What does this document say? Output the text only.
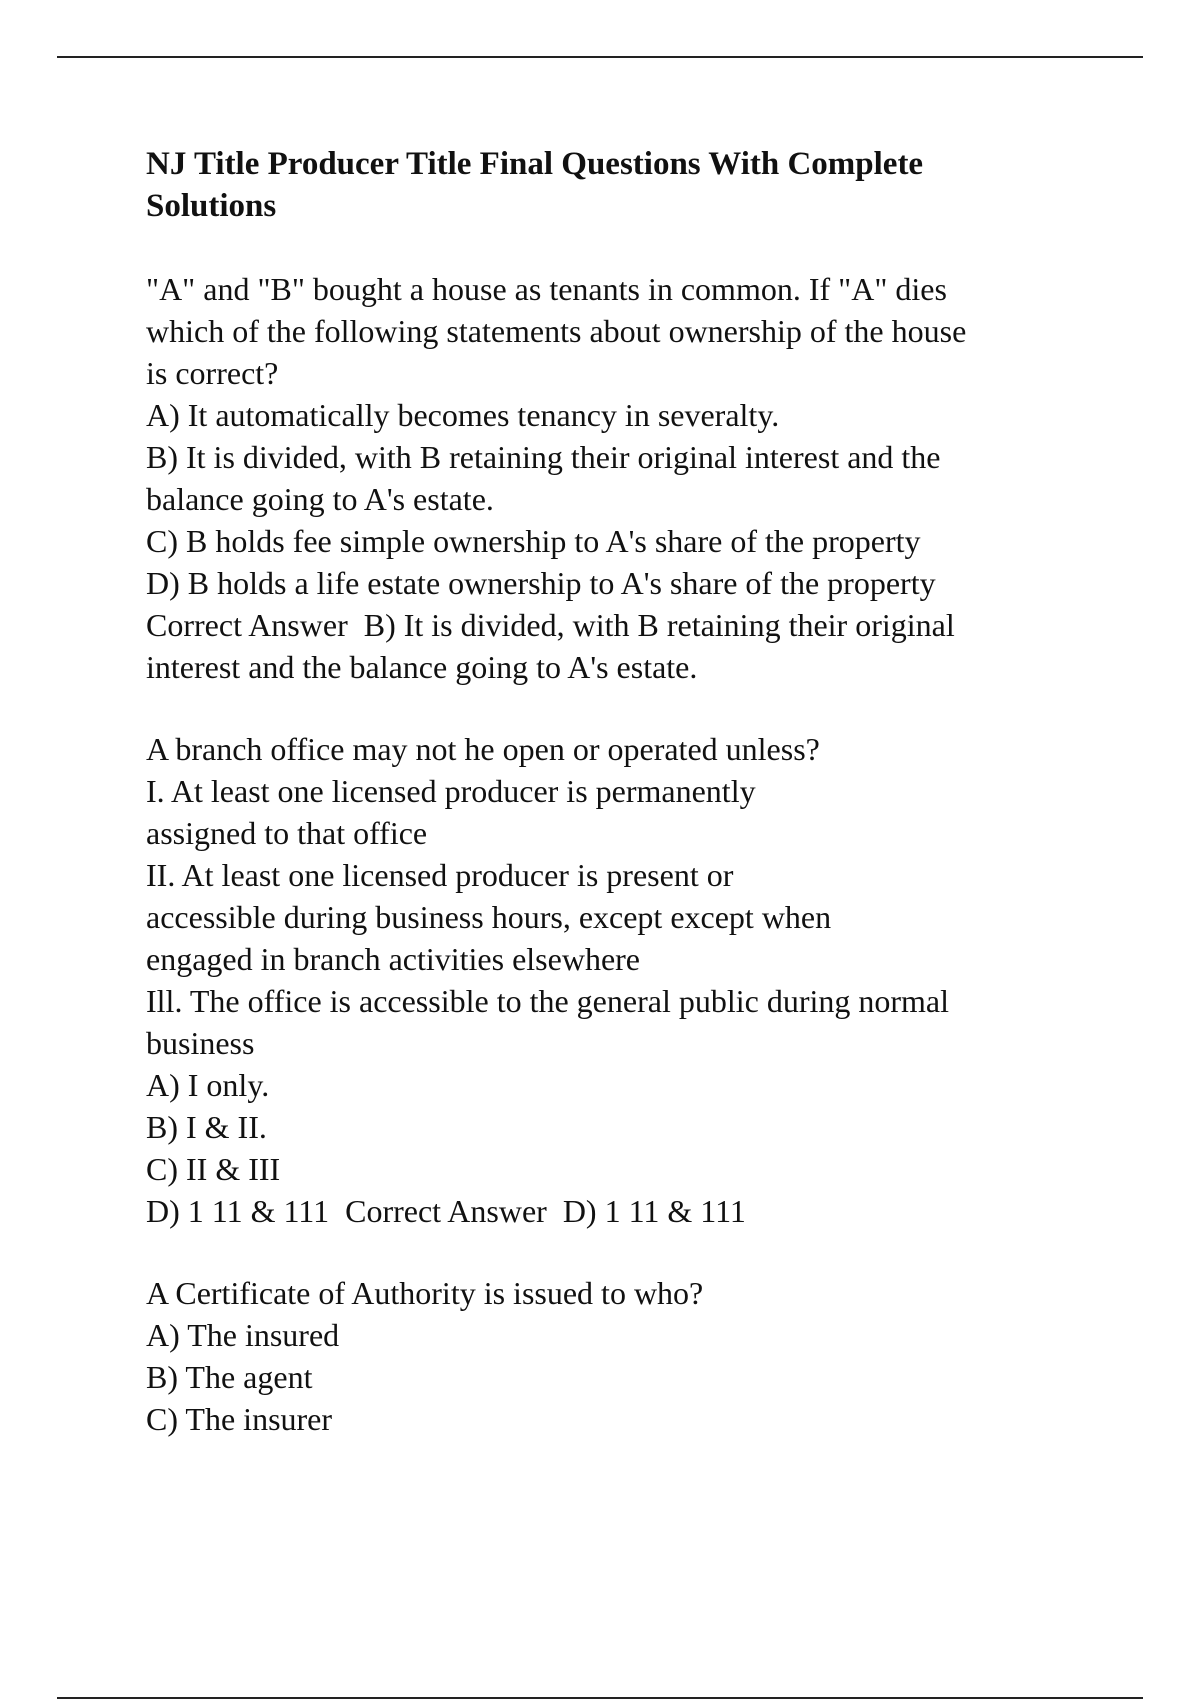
NJ Title Producer Title Final Questions With Complete
Solutions

"A" and "B" bought a house as tenants in common. If "A" dies

which of the following statements about ownership of the house

is correct?

A) It automatically becomes tenancy in severalty.

B) It is divided, with B retaining their original interest and the

balance going to A's estate.

C) B holds fee simple ownership to A's share of the property

D) B holds a life estate ownership to A's share of the property

Correct Answer  B) It is divided, with B retaining their original

interest and the balance going to A's estate.

A branch office may not he open or operated unless?

I. At least one licensed producer is permanently

assigned to that office

II. At least one licensed producer is present or

accessible during business hours, except except when

engaged in branch activities elsewhere

Ill. The office is accessible to the general public during normal

business

A) I only.

B) I & II.

C) II & III

D) 1 11 & 111  Correct Answer  D) 1 11 & 111

A Certificate of Authority is issued to who?

A) The insured

B) The agent

C) The insurer
